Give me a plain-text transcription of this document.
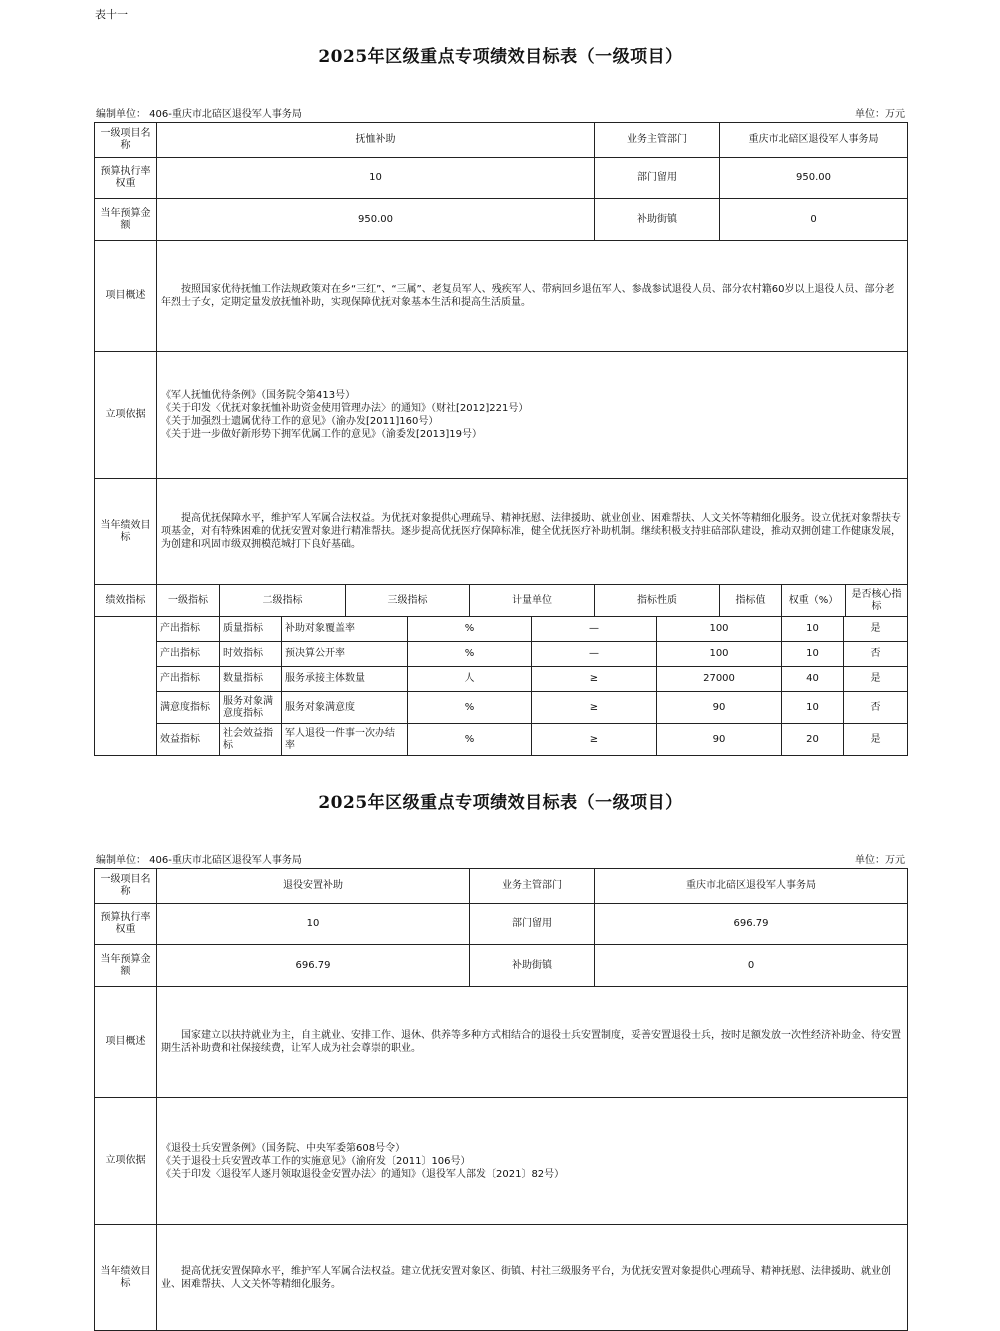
表十一
2025年区级重点专项绩效目标表（一级项目）
编制单位： 406-重庆市北碚区退役军人事务局	单位：万元
一级项目名称	抚恤补助				业务主管部门	重庆市北碚区退役军人事务局		
预算执行率权重	10				部门留用	950.00		
当年预算金额	950.00				补助街镇	0		
项目概述	按照国家优待抚恤工作法规政策对在乡“三红”、“三属”、老复员军人、残疾军人、带病回乡退伍军人、参战参试退役人员、部分农村籍60岁以上退役人员、部分老年烈士子女，定期定量发放抚恤补助，实现保障优抚对象基本生活和提高生活质量。							
立项依据	《军人抚恤优待条例》（国务院令第413号）
《关于印发〈优抚对象抚恤补助资金使用管理办法〉的通知》（财社[2012]221号）
《关于加强烈士遗属优待工作的意见》（渝办发[2011]160号）
《关于进一步做好新形势下拥军优属工作的意见》（渝委发[2013]19号）							

当年绩效目标	提高优抚保障水平，维护军人军属合法权益。为优抚对象提供心理疏导、精神抚慰、法律援助、就业创业、困难帮扶、人文关怀等精细化服务。设立优抚对象帮扶专项基金，对有特殊困难的优抚安置对象进行精准帮扶。逐步提高优抚医疗保障标准，健全优抚医疗补助机制。继续积极支持驻碚部队建设，推动双拥创建工作健康发展，为创建和巩固市级双拥模范城打下良好基础。							
绩效指标	一级指标	二级指标	三级指标	计量单位	指标性质	指标值	权重（%）	是否核心指标
	产出指标	质量指标	补助对象覆盖率	%	—	100	10	是
	产出指标	时效指标	预决算公开率	%	—	100	10	否
	产出指标	数量指标	服务承接主体数量	人	≥	27000	40	是
	满意度指标	服务对象满意度指标	服务对象满意度	%	≥	90	10	否
	效益指标	社会效益指标	军人退役一件事一次办结率	%	≥	90	20	是
2025年区级重点专项绩效目标表（一级项目）
编制单位： 406-重庆市北碚区退役军人事务局	单位：万元
一级项目名称	退役安置补助	业务主管部门	重庆市北碚区退役军人事务局
预算执行率权重	10	部门留用	696.79
当年预算金额	696.79	补助街镇	0
项目概述	国家建立以扶持就业为主，自主就业、安排工作、退休、供养等多种方式相结合的退役士兵安置制度，妥善安置退役士兵，按时足额发放一次性经济补助金、待安置期生活补助费和社保接续费，让军人成为社会尊崇的职业。		
立项依据	《退役士兵安置条例》（国务院、中央军委第608号令）
《关于退役士兵安置改革工作的实施意见》（渝府发〔2011〕106号）
《关于印发〈退役军人逐月领取退役金安置办法〉的通知》（退役军人部发〔2021〕82号）		

当年绩效目标	提高优抚安置保障水平，维护军人军属合法权益。建立优抚安置对象区、街镇、村社三级服务平台，为优抚安置对象提供心理疏导、精神抚慰、法律援助、就业创业、困难帮扶、人文关怀等精细化服务。		
